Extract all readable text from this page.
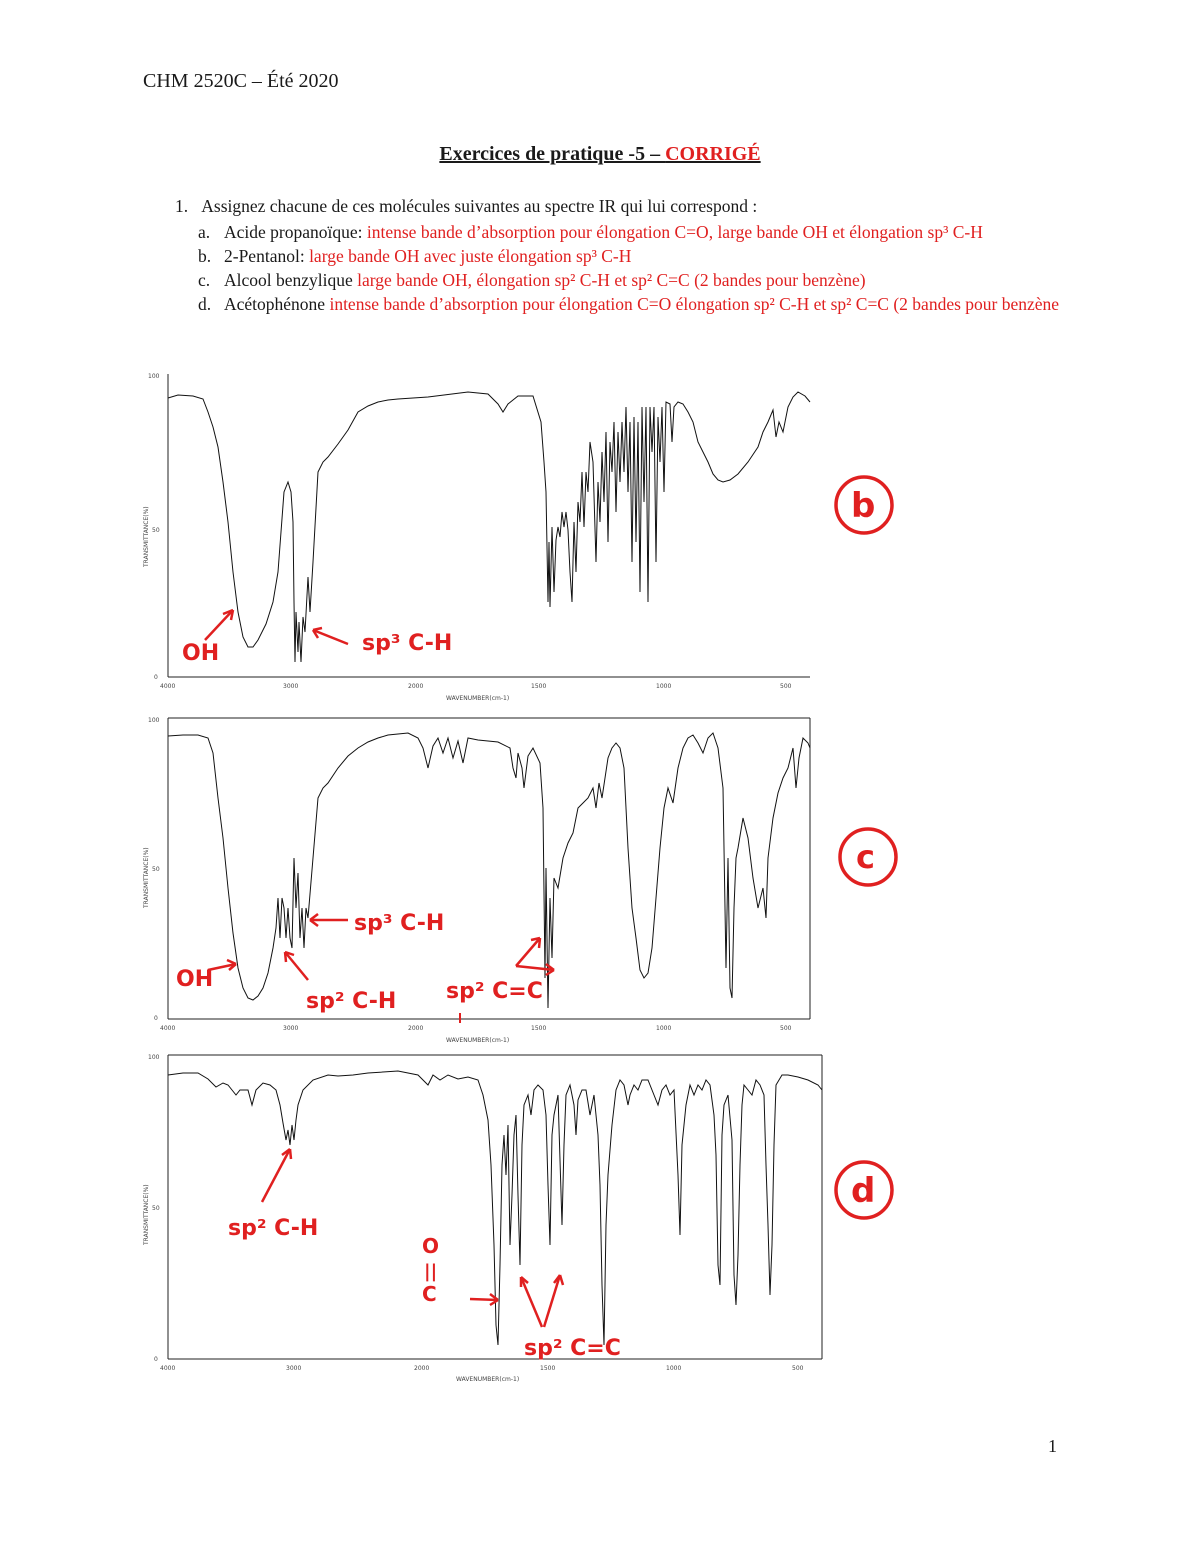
CHM 2520C – Été 2020
Exercices de pratique -5 – CORRIGÉ
1. Assignez chacune de ces molécules suivantes au spectre IR qui lui correspond :
a. Acide propanoïque: intense bande d’absorption pour élongation C=O, large bande OH et élongation sp³ C-H
b. 2-Pentanol: large bande OH avec juste élongation sp³ C-H
c. Alcool benzylique large bande OH, élongation sp² C-H et sp² C=C (2 bandes pour benzène)
d. Acétophénone intense bande d’absorption pour élongation C=O élongation sp² C-H et sp² C=C (2 bandes pour benzène
100
50
0
4000	3000	2000	1500	1000	500
WAVENUMBER(cm-1)
TRANSMITTANCE(%)
OH	sp³ C-H
b
100
50
0
4000	3000	2000	1500	1000	500
WAVENUMBER(cm-1)
TRANSMITTANCE(%)
sp³ C-H
OH
sp² C-H sp² C=C
c
100
50
0
4000	3000	2000	1500	1000	500
WAVENUMBER(cm-1)
TRANSMITTANCE(%)	sp² C-H
O
||
C
sp² C=C
d
1
